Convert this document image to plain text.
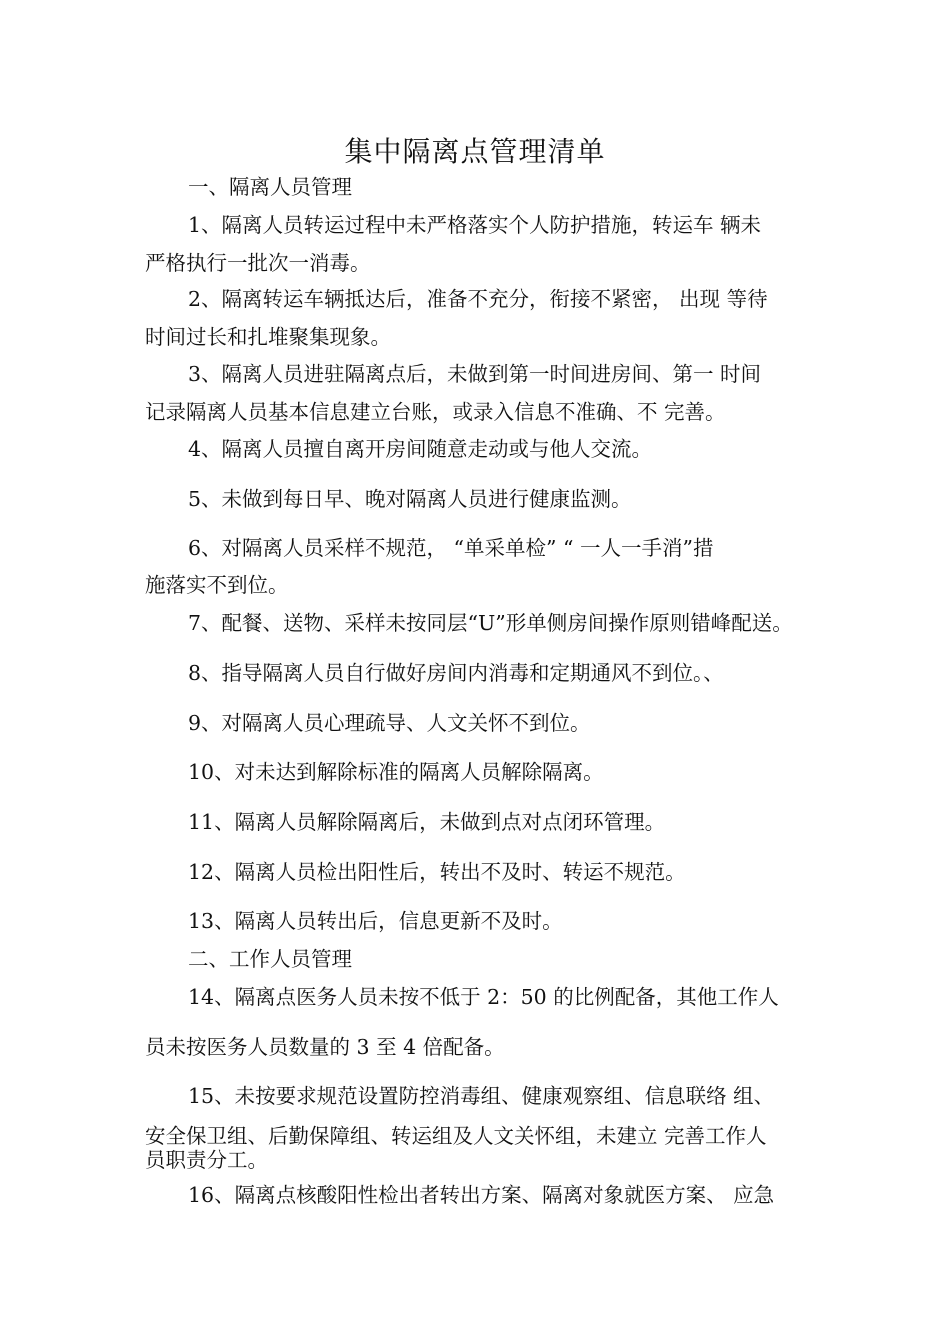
集中隔离点管理清单
一、隔离人员管理
1、隔离人员转运过程中未严格落实个人防护措施，转运车 辆未
严格执行一批次一消毒。
2、隔离转运车辆抵达后，准备不充分，衔接不紧密， 出现 等待
时间过长和扎堆聚集现象。
3、隔离人员进驻隔离点后，未做到第一时间进房间、第一 时间
记录隔离人员基本信息建立台账，或录入信息不准确、不 完善。
4、隔离人员擅自离开房间随意走动或与他人交流。
5、未做到每日早、晚对隔离人员进行健康监测。
6、对隔离人员采样不规范， “单采单检” “ 一人一手消”措
施落实不到位。
7、配餐、送物、采样未按同层“U”形单侧房间操作原则错峰配送。
8、指导隔离人员自行做好房间内消毒和定期通风不到位。、
9、对隔离人员心理疏导、人文关怀不到位。
10、对未达到解除标准的隔离人员解除隔离。
11、隔离人员解除隔离后，未做到点对点闭环管理。
12、隔离人员检出阳性后，转出不及时、转运不规范。
13、隔离人员转出后，信息更新不及时。
二、工作人员管理
14、隔离点医务人员未按不低于 2：50 的比例配备，其他工作人
员未按医务人员数量的 3 至 4 倍配备。
15、未按要求规范设置防控消毒组、健康观察组、信息联络 组、
安全保卫组、后勤保障组、转运组及人文关怀组，未建立 完善工作人
员职责分工。
16、隔离点核酸阳性检出者转出方案、隔离对象就医方案、 应急
